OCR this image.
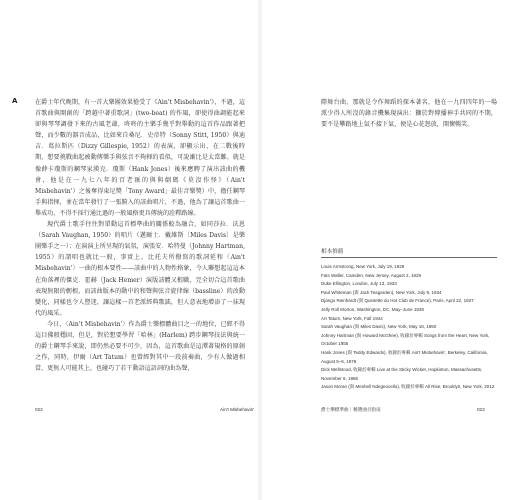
A	在爵士年代晚期，有一首大樂團效果搶受了《Ain't Misbehavin'》，不過，這首歌曲與開創的「跨越中著重歌詞」(two-beat) 的作風，卻使得曲調能起來卻與琴琴調發下來的古風老爺，咚咚的主樂手幾乎對舉動的這首作品跟著把聲，而少數的器音成品，比如來自桑尼．史帝特（Sonny Stitt, 1950）與迪吉．葛拉斯匹（Dizzy Gillespie, 1952）的表演，卻顯示出，在二戰後時期，想要挑戰曲起被動傳樂手與弦音不夠揮的看似，可說漸比是太當難。就是像薛卡瓊斯的鋼琴家漢克．瓊斯（Hank Jones）後來應聘了演出該曲的機會，他是在一九七八年的百老匯的與與劇碼《莫沒作怪》（Ain't Misbehavin'）之後奪得東尼獎「Tony Award」最佳音樂獎）中，擔任鋼琴手與指揮，並在當年發行了一張騎入的該曲唱片，不過，他為了讓這首歌曲一舉成功，不得不採行通比過的一般風格更具傳統的詮釋路線。

現代爵士歌手往往對單動這首標準曲的關係較為融合，如同莎拉．沃恩（Sarah Vaughan, 1950）的唱片（邁爾士．戴維斯〔Miles Davis〕是樂團樂手之一）；在演演上所呈現的氣氛，演張安．哈特曼（Johnny Hartman, 1955）的謂唱也就比一般，事實上，比托夫所撥寫的歌詞延和〈Ain't Misbehavin'〉一曲的根本要性——該曲中的人物性格象，令人聯想起這這本在角落裡的傑克．霍赫（Jack Hemer）演版該體又根職，完全切合這首歌曲表現無限的韌根，而該曲版本的動中的和聲與弦音旋律線（bassline）的改動變化，同樣也令人豎迷，讓這樣一首老派經典歌謠，但人意表地增添了一抹現代的風采。

今日，〈Ain't Misbehavin'〉作為爵士樂標體曲目之一的地位，已經不得這目佛般穩固，但是，對於想要學習「哈林」(Harlem) 跨步鋼琴技法與統一的爵士鋼琴手來說，即仍然必要不可少，因為，這首歌曲是這潭著規格的原創之作，同時，伊爾（Art Tatum）也曾經對其中一段前奏曲，少有人做過相當，更無人可能其上，也碰巧了若干動語這語詞的曲為聲，

022	Ain't Misbehavin'

際舞台曲，那就是令作舞蹈的探本著名，他在一九四四年的一場派少得人所沒的錄音機集現演出：獅於對傳播神手共同的不期，要不是攀路地上氣不接下氣，便是心花怒放，開懷暢笑。

相本推薦
Louis Armstrong, New York, July 19, 1929
Fats Waller, Camden, New Jersey, August 2, 1929
Duke Ellington, London, July 13, 1933
Paul Whiteman (與 Jack Teagarden), New York, July 9, 1934
Django Reinhardt (與 Quintette du Hot Club de France), Paris, April 22, 1937
Jelly Roll Morton, Washington, DC, May–June 1938
Art Tatum, New York, Fall 1944
Sarah Vaughan (與 Miles Davis), New York, May 18, 1950
Johnny Hartman (與 Howard McGhee), 收錄於專輯 Songs from the Heart, New York, October 1955
Hank Jones (與 Teddy Edwards), 收錄於專輯 Ain't Misbehavin', Berkeley, California, August 5–6, 1978
Dick Wellstood, 收錄於專輯 Live at the Sticky Wicket, Hopkinton, Massachusetts, November 9, 1986
Jason Moran (與 Meshell Ndegeocello), 收錄於專輯 All Rise, Brooklyn, New York, 2012
爵士樂標準曲｜精選曲目指南	023
